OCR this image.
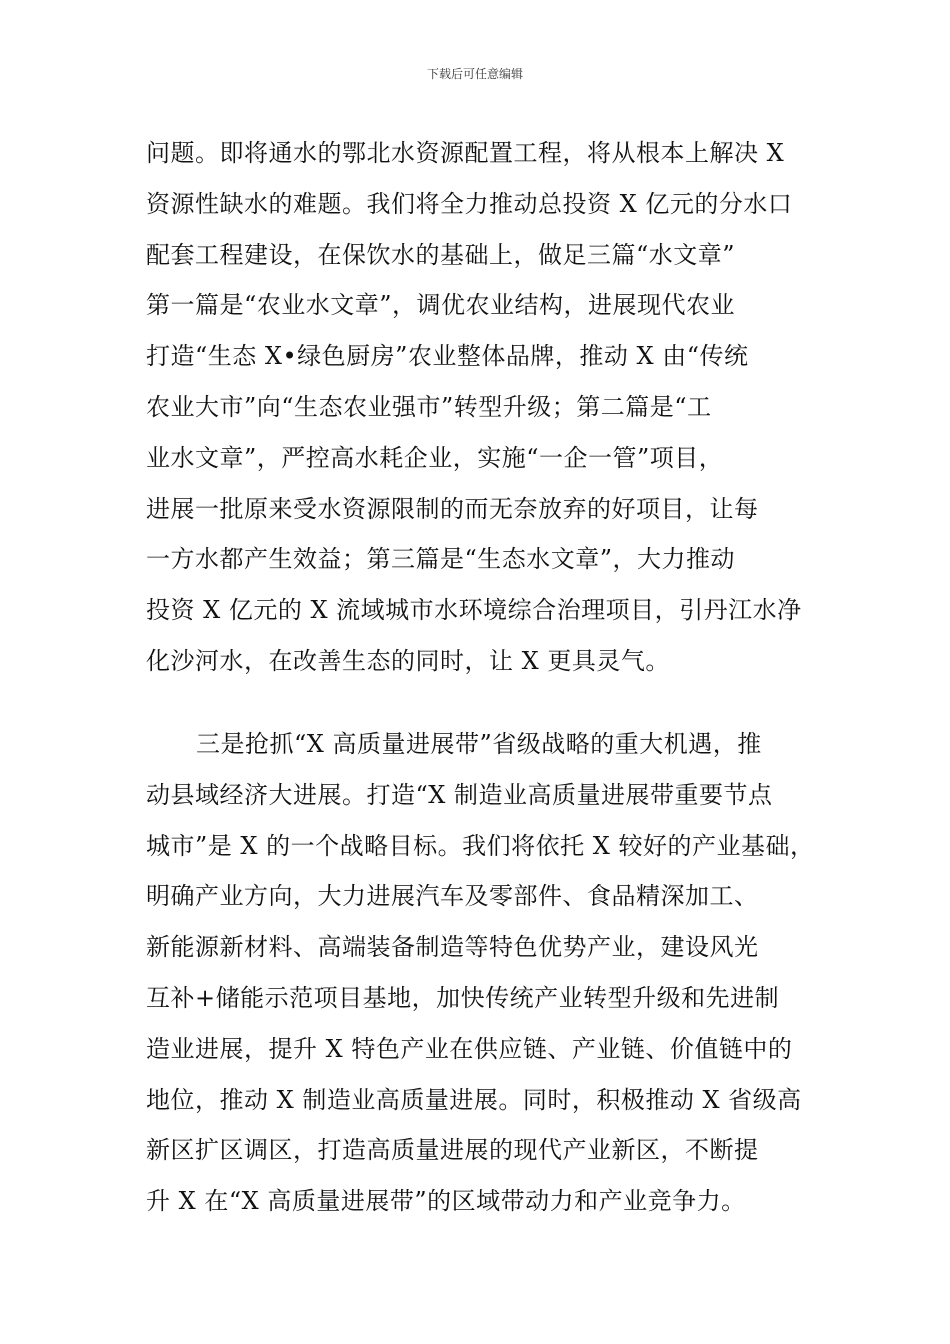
下载后可任意编辑
问题。即将通水的鄂北水资源配置工程，将从根本上解决 X
资源性缺水的难题。我们将全力推动总投资 X 亿元的分水口
配套工程建设，在保饮水的基础上，做足三篇“水文章”
第一篇是“农业水文章”，调优农业结构，进展现代农业
打造“生态 X•绿色厨房”农业整体品牌，推动 X 由“传统
农业大市”向“生态农业强市”转型升级；第二篇是“工
业水文章”，严控高水耗企业，实施“一企一管”项目，
进展一批原来受水资源限制的而无奈放弃的好项目，让每
一方水都产生效益；第三篇是“生态水文章”，大力推动
投资 X 亿元的 X 流域城市水环境综合治理项目，引丹江水净
化沙河水，在改善生态的同时，让 X 更具灵气。
三是抢抓“X 高质量进展带”省级战略的重大机遇，推
动县域经济大进展。打造“X 制造业高质量进展带重要节点
城市”是 X 的一个战略目标。我们将依托 X 较好的产业基础，
明确产业方向，大力进展汽车及零部件、食品精深加工、
新能源新材料、高端装备制造等特色优势产业，建设风光
互补+储能示范项目基地，加快传统产业转型升级和先进制
造业进展，提升 X 特色产业在供应链、产业链、价值链中的
地位，推动 X 制造业高质量进展。同时，积极推动 X 省级高
新区扩区调区，打造高质量进展的现代产业新区，不断提
升 X 在“X 高质量进展带”的区域带动力和产业竞争力。
